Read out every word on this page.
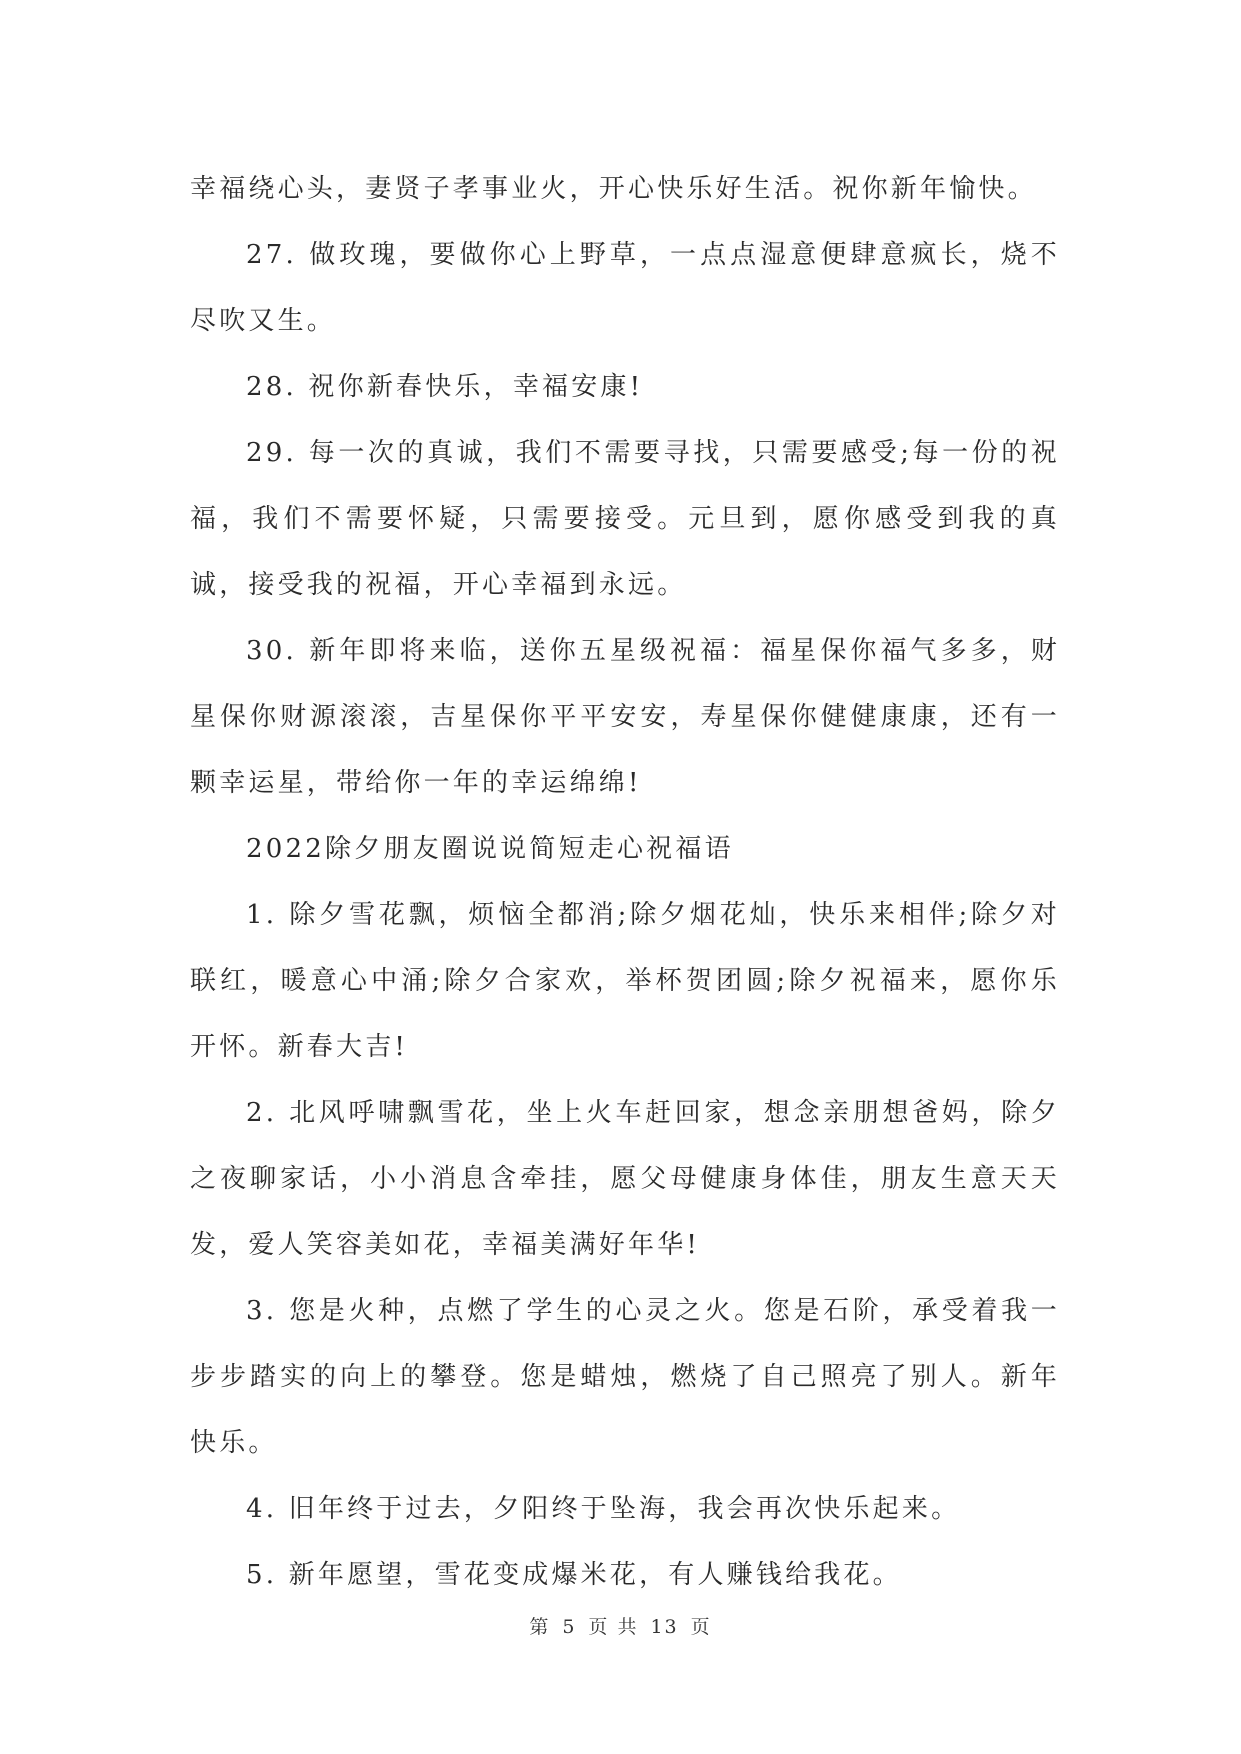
幸福绕心头，妻贤子孝事业火，开心快乐好生活。祝你新年愉快。

27. 做玫瑰，要做你心上野草，一点点湿意便肆意疯长，烧不尽吹又生。

28. 祝你新春快乐，幸福安康!

29. 每一次的真诚，我们不需要寻找，只需要感受;每一份的祝福，我们不需要怀疑，只需要接受。元旦到，愿你感受到我的真诚，接受我的祝福，开心幸福到永远。

30. 新年即将来临，送你五星级祝福：福星保你福气多多，财星保你财源滚滚，吉星保你平平安安，寿星保你健健康康，还有一颗幸运星，带给你一年的幸运绵绵!

2022除夕朋友圈说说简短走心祝福语

1. 除夕雪花飘，烦恼全都消;除夕烟花灿，快乐来相伴;除夕对联红，暖意心中涌;除夕合家欢，举杯贺团圆;除夕祝福来，愿你乐开怀。新春大吉!

2. 北风呼啸飘雪花，坐上火车赶回家，想念亲朋想爸妈，除夕之夜聊家话，小小消息含牵挂，愿父母健康身体佳，朋友生意天天发，爱人笑容美如花，幸福美满好年华!

3. 您是火种，点燃了学生的心灵之火。您是石阶，承受着我一步步踏实的向上的攀登。您是蜡烛，燃烧了自己照亮了别人。新年快乐。

4. 旧年终于过去，夕阳终于坠海，我会再次快乐起来。

5. 新年愿望，雪花变成爆米花，有人赚钱给我花。

第 5 页 共 13 页
